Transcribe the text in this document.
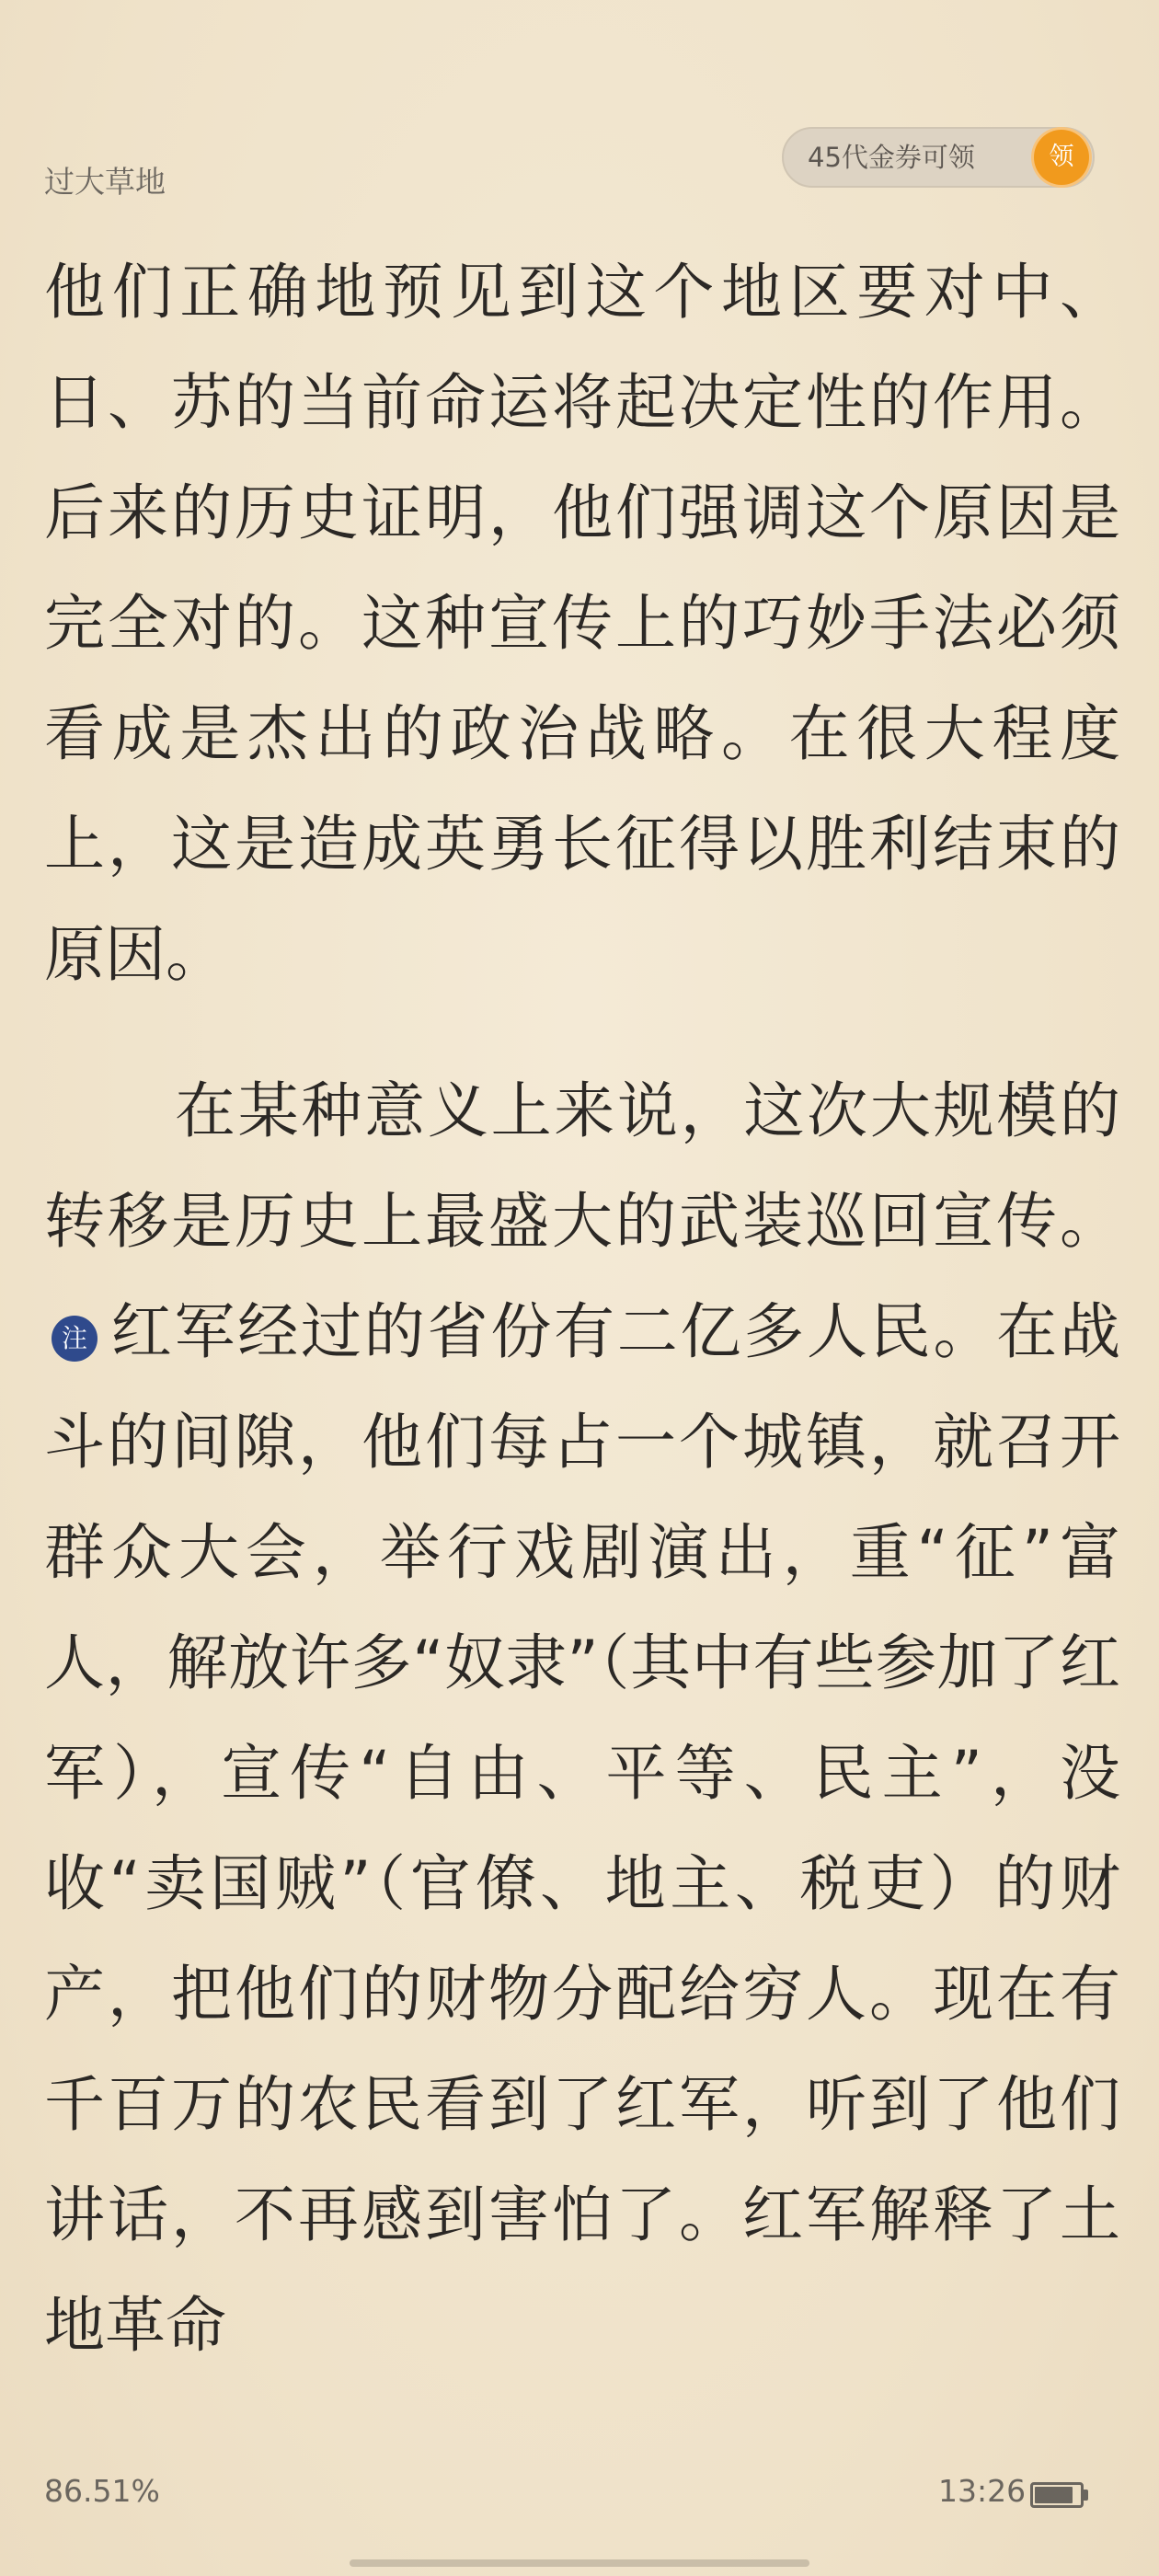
过大草地
45代金券可领	领

他们正确地预见到这个地区要对中、日、苏的当前命运将起决定性的作用。后来的历史证明，他们强调这个原因是完全对的。这种宣传上的巧妙手法必须看成是杰出的政治战略。在很大程度上，这是造成英勇长征得以胜利结束的原因。

在某种意义上来说，这次大规模的转移是历史上最盛大的武装巡回宣传。注 红军经过的省份有二亿多人民。在战斗的间隙，他们每占一个城镇，就召开群众大会，举行戏剧演出，重“征”富人，解放许多“奴隶”（其中有些参加了红军），宣传“自由、平等、民主”，没收“卖国贼”（官僚、地主、税吏）的财产，把他们的财物分配给穷人。现在有千百万的农民看到了红军，听到了他们讲话，不再感到害怕了。红军解释了土地革命

86.51%	13:26
